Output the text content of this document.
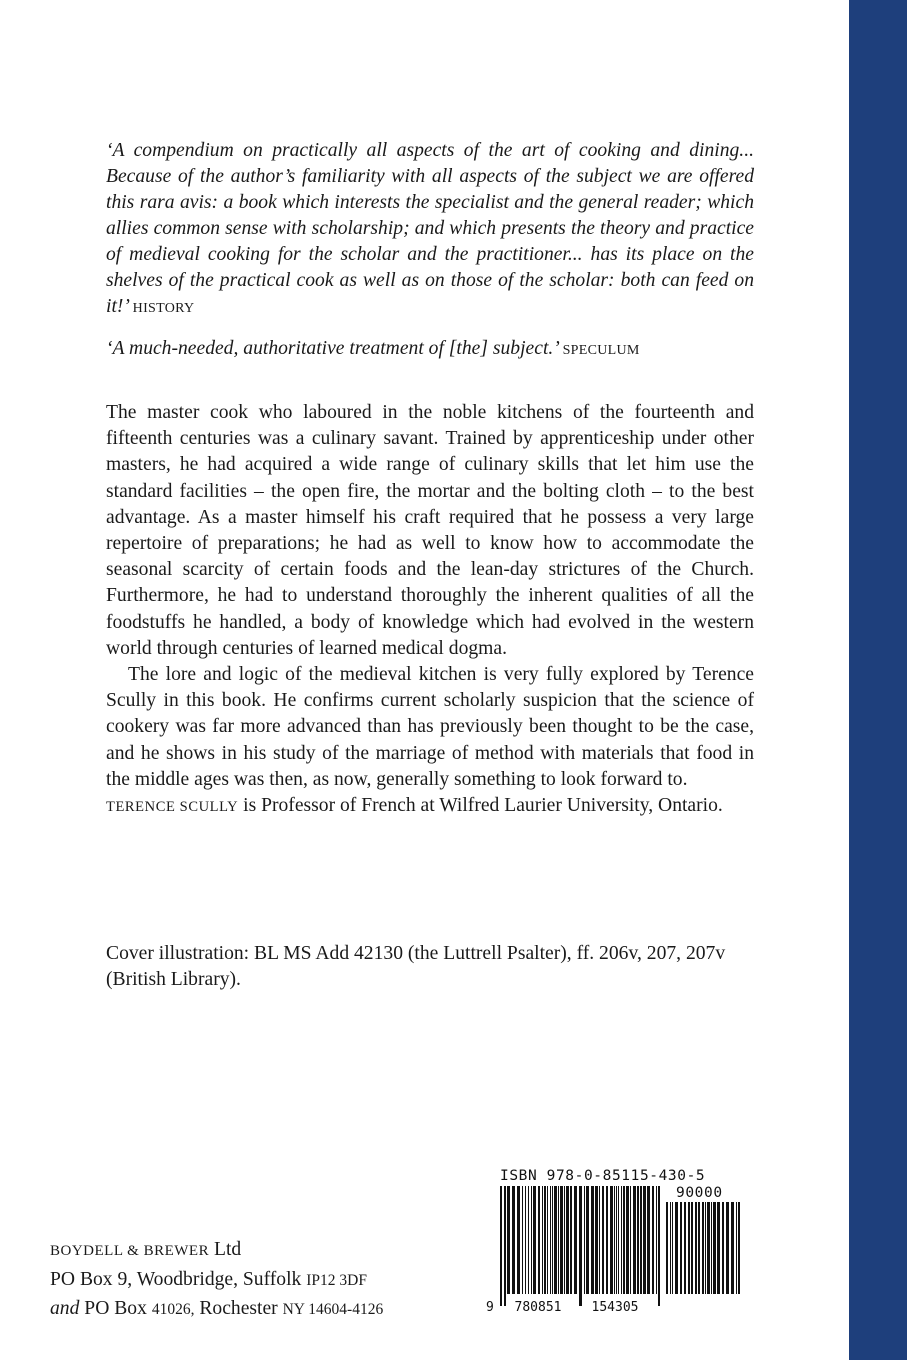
‘A compendium on practically all aspects of the art of cooking and dining... Because of the author’s familiarity with all aspects of the subject we are offered this rara avis: a book which interests the specialist and the general reader; which allies common sense with scholarship; and which presents the theory and practice of medieval cooking for the scholar and the practitioner... has its place on the shelves of the practical cook as well as on those of the scholar: both can feed on it!’ HISTORY

‘A much-needed, authoritative treatment of [the] subject.’ SPECULUM

The master cook who laboured in the noble kitchens of the fourteenth and fifteenth centuries was a culinary savant. Trained by apprenticeship under other masters, he had acquired a wide range of culinary skills that let him use the standard facilities – the open fire, the mortar and the bolting cloth – to the best advantage. As a master himself his craft required that he possess a very large repertoire of preparations; he had as well to know how to accommodate the seasonal scarcity of certain foods and the lean-day strictures of the Church. Furthermore, he had to understand thoroughly the inherent qualities of all the foodstuffs he handled, a body of knowledge which had evolved in the western world through centuries of learned medical dogma.

The lore and logic of the medieval kitchen is very fully explored by Terence Scully in this book. He confirms current scholarly suspicion that the science of cookery was far more advanced than has previously been thought to be the case, and he shows in his study of the marriage of method with materials that food in the middle ages was then, as now, generally something to look forward to.

TERENCE SCULLY is Professor of French at Wilfred Laurier University, Ontario.

Cover illustration: BL MS Add 42130 (the Luttrell Psalter), ff. 206v, 207, 207v (British Library).
BOYDELL & BREWER Ltd
PO Box 9, Woodbridge, Suffolk IP12 3DF
and PO Box 41026, Rochester NY 14604-4126
ISBN 978-0-85115-430-5
90000
9 780851 154305
